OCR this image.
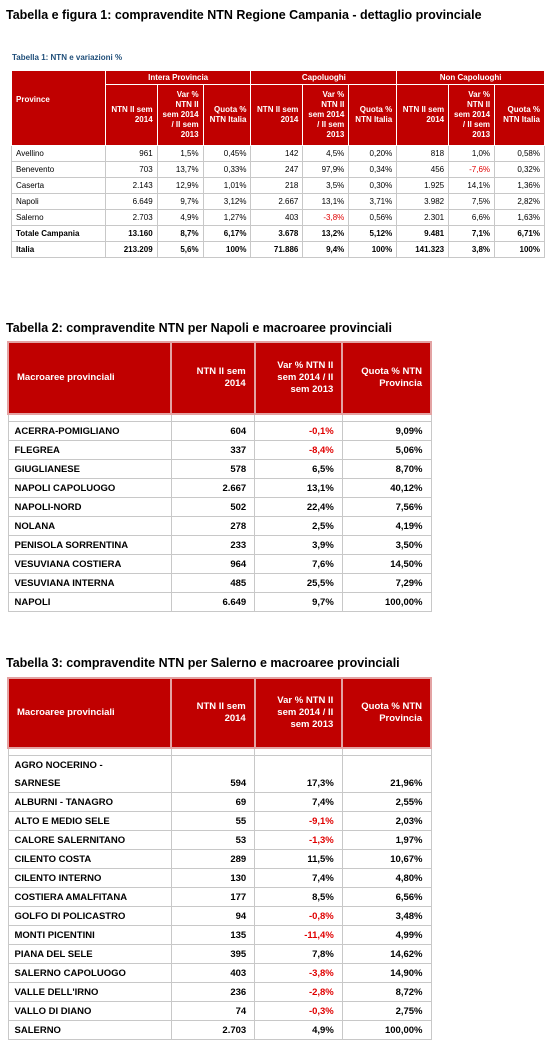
Tabella e figura 1: compravendite NTN Regione Campania - dettaglio provinciale
Tabella 1: NTN e variazioni %
Province	Intera Provincia			Capoluoghi			Non Capoluoghi		
	NTN II sem 2014	Var % NTN II sem 2014 / II sem 2013	Quota % NTN Italia	NTN II sem 2014	Var % NTN II sem 2014 / II sem 2013	Quota % NTN Italia	NTN II sem 2014	Var % NTN II sem 2014 / II sem 2013	Quota % NTN Italia
Avellino	961	1,5%	0,45%	142	4,5%	0,20%	818	1,0%	0,58%
Benevento	703	13,7%	0,33%	247	97,9%	0,34%	456	-7,6%	0,32%
Caserta	2.143	12,9%	1,01%	218	3,5%	0,30%	1.925	14,1%	1,36%
Napoli	6.649	9,7%	3,12%	2.667	13,1%	3,71%	3.982	7,5%	2,82%
Salerno	2.703	4,9%	1,27%	403	-3,8%	0,56%	2.301	6,6%	1,63%
Totale Campania	13.160	8,7%	6,17%	3.678	13,2%	5,12%	9.481	7,1%	6,71%
Italia	213.209	5,6%	100%	71.886	9,4%	100%	141.323	3,8%	100%
Tabella 2: compravendite NTN per Napoli e macroaree provinciali
Macroaree provinciali	NTN II sem 2014	Var % NTN II sem 2014 / II sem 2013	Quota % NTN Provincia

ACERRA-POMIGLIANO	604	-0,1%	9,09%
FLEGREA	337	-8,4%	5,06%
GIUGLIANESE	578	6,5%	8,70%
NAPOLI CAPOLUOGO	2.667	13,1%	40,12%
NAPOLI-NORD	502	22,4%	7,56%
NOLANA	278	2,5%	4,19%
PENISOLA SORRENTINA	233	3,9%	3,50%
VESUVIANA COSTIERA	964	7,6%	14,50%
VESUVIANA INTERNA	485	25,5%	7,29%
NAPOLI	6.649	9,7%	100,00%
Tabella 3: compravendite NTN per Salerno e macroaree provinciali
Macroaree provinciali	NTN II sem 2014	Var % NTN II sem 2014 / II sem 2013	Quota % NTN Provincia

AGRO NOCERINO -			
SARNESE	594	17,3%	21,96%
ALBURNI - TANAGRO	69	7,4%	2,55%
ALTO E MEDIO SELE	55	-9,1%	2,03%
CALORE SALERNITANO	53	-1,3%	1,97%
CILENTO COSTA	289	11,5%	10,67%
CILENTO INTERNO	130	7,4%	4,80%
COSTIERA AMALFITANA	177	8,5%	6,56%
GOLFO DI POLICASTRO	94	-0,8%	3,48%
MONTI PICENTINI	135	-11,4%	4,99%
PIANA DEL SELE	395	7,8%	14,62%
SALERNO CAPOLUOGO	403	-3,8%	14,90%
VALLE DELL'IRNO	236	-2,8%	8,72%
VALLO DI DIANO	74	-0,3%	2,75%
SALERNO	2.703	4,9%	100,00%
